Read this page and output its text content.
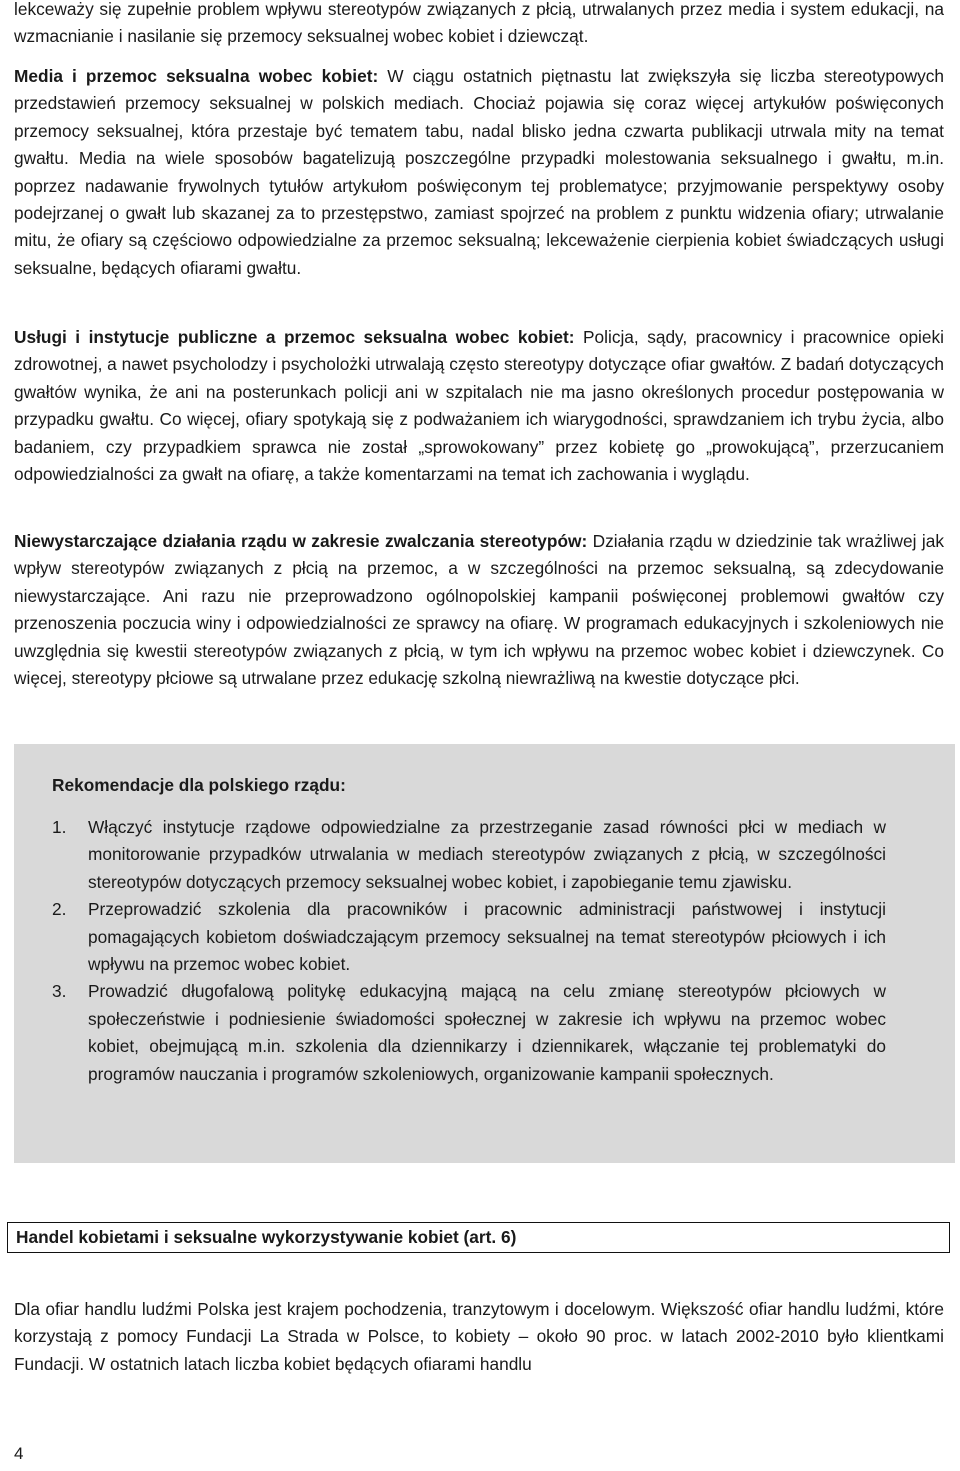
lekceważy się zupełnie problem wpływu stereotypów związanych z płcią, utrwalanych przez media i system edukacji, na wzmacnianie i nasilanie się przemocy seksualnej wobec kobiet i dziewcząt.

Media i przemoc seksualna wobec kobiet: W ciągu ostatnich piętnastu lat zwiększyła się liczba stereotypowych przedstawień przemocy seksualnej w polskich mediach. Chociaż pojawia się coraz więcej artykułów poświęconych przemocy seksualnej, która przestaje być tematem tabu, nadal blisko jedna czwarta publikacji utrwala mity na temat gwałtu. Media na wiele sposobów bagatelizują poszczególne przypadki molestowania seksualnego i gwałtu, m.in. poprzez nadawanie frywolnych tytułów artykułom poświęconym tej problematyce; przyjmowanie perspektywy osoby podejrzanej o gwałt lub skazanej za to przestępstwo, zamiast spojrzeć na problem z punktu widzenia ofiary; utrwalanie mitu, że ofiary są częściowo odpowiedzialne za przemoc seksualną; lekceważenie cierpienia kobiet świadczących usługi seksualne, będących ofiarami gwałtu.

Usługi i instytucje publiczne a przemoc seksualna wobec kobiet: Policja, sądy, pracownicy i pracownice opieki zdrowotnej, a nawet psycholodzy i psycholożki utrwalają często stereotypy dotyczące ofiar gwałtów. Z badań dotyczących gwałtów wynika, że ani na posterunkach policji ani w szpitalach nie ma jasno określonych procedur postępowania w przypadku gwałtu. Co więcej, ofiary spotykają się z podważaniem ich wiarygodności, sprawdzaniem ich trybu życia, albo badaniem, czy przypadkiem sprawca nie został „sprowokowany” przez kobietę go „prowokującą”, przerzucaniem odpowiedzialności za gwałt na ofiarę, a także komentarzami na temat ich zachowania i wyglądu.

Niewystarczające działania rządu w zakresie zwalczania stereotypów: Działania rządu w dziedzinie tak wrażliwej jak wpływ stereotypów związanych z płcią na przemoc, a w szczególności na przemoc seksualną, są zdecydowanie niewystarczające. Ani razu nie przeprowadzono ogólnopolskiej kampanii poświęconej problemowi gwałtów czy przenoszenia poczucia winy i odpowiedzialności ze sprawcy na ofiarę. W programach edukacyjnych i szkoleniowych nie uwzględnia się kwestii stereotypów związanych z płcią, w tym ich wpływu na przemoc wobec kobiet i dziewczynek. Co więcej, stereotypy płciowe są utrwalane przez edukację szkolną niewrażliwą na kwestie dotyczące płci.

Rekomendacje dla polskiego rządu:

1. Włączyć instytucje rządowe odpowiedzialne za przestrzeganie zasad równości płci w mediach w monitorowanie przypadków utrwalania w mediach stereotypów związanych z płcią, w szczególności stereotypów dotyczących przemocy seksualnej wobec kobiet, i zapobieganie temu zjawisku.
2. Przeprowadzić szkolenia dla pracowników i pracownic administracji państwowej i instytucji pomagających kobietom doświadczającym przemocy seksualnej na temat stereotypów płciowych i ich wpływu na przemoc wobec kobiet.
3. Prowadzić długofalową politykę edukacyjną mającą na celu zmianę stereotypów płciowych w społeczeństwie i podniesienie świadomości społecznej w zakresie ich wpływu na przemoc wobec kobiet, obejmującą m.in. szkolenia dla dziennikarzy i dziennikarek, włączanie tej problematyki do programów nauczania i programów szkoleniowych, organizowanie kampanii społecznych.

Handel kobietami i seksualne wykorzystywanie kobiet (art. 6)

Dla ofiar handlu ludźmi Polska jest krajem pochodzenia, tranzytowym i docelowym. Większość ofiar handlu ludźmi, które korzystają z pomocy Fundacji La Strada w Polsce, to kobiety – około 90 proc. w latach 2002-2010 było klientkami Fundacji. W ostatnich latach liczba kobiet będących ofiarami handlu

4
